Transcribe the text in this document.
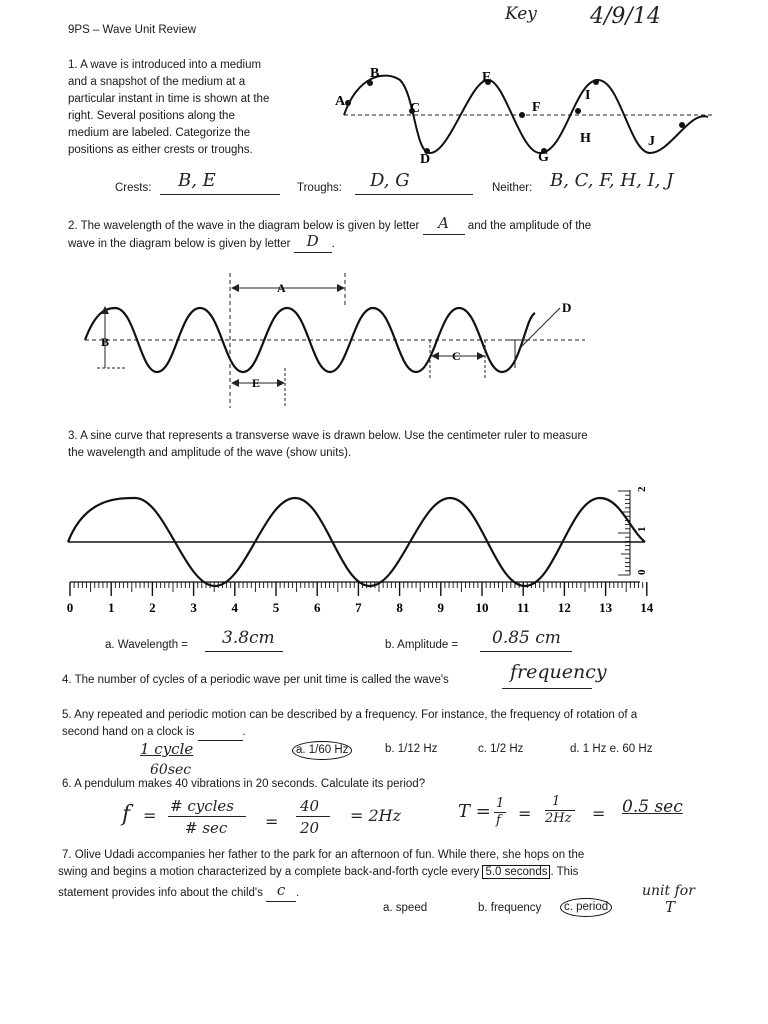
9PS – Wave Unit Review
Key 4/9/14
1. A wave is introduced into a medium
and a snapshot of the medium at a
particular instant in time is shown at the
right. Several positions along the
medium are labeled. Categorize the
positions as either crests or troughs.
A
B
C
D
E
F
G
H
I
J
Crests: B, E	Troughs: D, G	Neither: B, C, F, H, I, J
2. The wavelength of the wave in the diagram below is given by letter A and the amplitude of the
wave in the diagram below is given by letter D .
B
A
E
C
D
3. A sine curve that represents a transverse wave is drawn below. Use the centimeter ruler to measure
the wavelength and amplitude of the wave (show units).
0	1	2	3	4	5	6	7	8	9 10 11 12 13 14
0
1
2
a. Wavelength = 3.8cm	b. Amplitude = 0.85 cm
4. The number of cycles of a periodic wave per unit time is called the wave's	frequency
5. Any repeated and periodic motion can be described by a frequency. For instance, the frequency of rotation of a
second hand on a clock is	.
1 cycle
60sec
a. 1/60 Hz	b. 1/12 Hz	c. 1/2 Hz	d. 1 Hz e. 60 Hz
6. A pendulum makes 40 vibrations in 20 seconds. Calculate its period?
f = # cycles
# sec =
40
20
= 2Hz	T = 1
f =
1
2Hz = 0.5 sec
7. Olive Udadi accompanies her father to the park for an afternoon of fun. While there, she hops on the
swing and begins a motion characterized by a complete back-and-forth cycle every 5.0 seconds . This
statement provides info about the child's c .
a. speed	b. frequency	c. period
unit for
T
